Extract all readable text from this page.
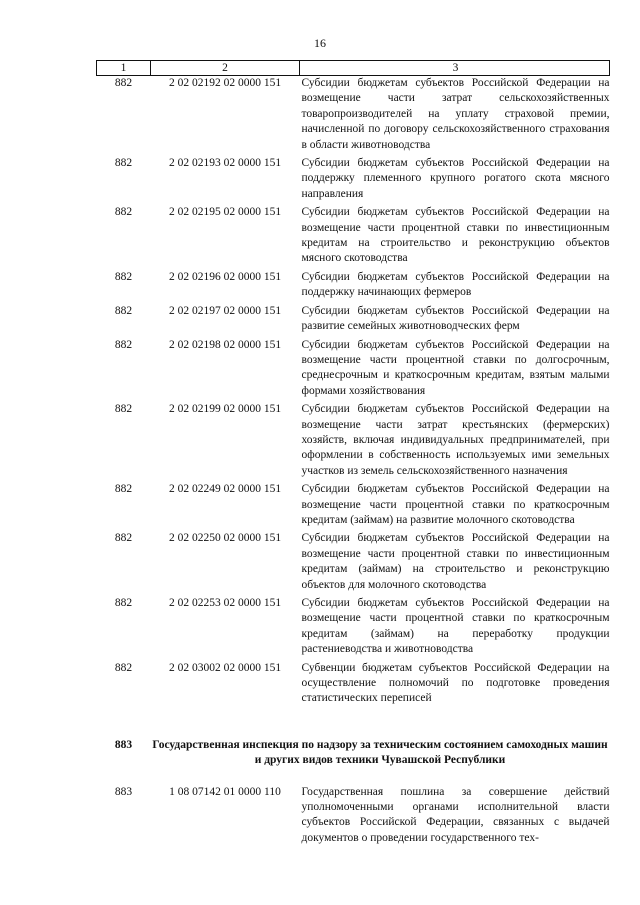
16
1	2	3
882	2 02 02192 02 0000 151	Субсидии бюджетам субъектов Российской Федерации на возмещение части затрат сельскохозяйственных товаропроизводителей на уплату страховой премии, начисленной по договору сельскохозяйственного страхования в области животноводства
882	2 02 02193 02 0000 151	Субсидии бюджетам субъектов Российской Федерации на поддержку племенного крупного рогатого скота мясного направления
882	2 02 02195 02 0000 151	Субсидии бюджетам субъектов Российской Федерации на возмещение части процентной ставки по инвестиционным кредитам на строительство и реконструкцию объектов мясного скотоводства
882	2 02 02196 02 0000 151	Субсидии бюджетам субъектов Российской Федерации на поддержку начинающих фермеров
882	2 02 02197 02 0000 151	Субсидии бюджетам субъектов Российской Федерации на развитие семейных животноводческих ферм
882	2 02 02198 02 0000 151	Субсидии бюджетам субъектов Российской Федерации на возмещение части процентной ставки по долгосрочным, среднесрочным и краткосрочным кредитам, взятым малыми формами хозяйствования
882	2 02 02199 02 0000 151	Субсидии бюджетам субъектов Российской Федерации на возмещение части затрат крестьянских (фермерских) хозяйств, включая индивидуальных предпринимателей, при оформлении в собственность используемых ими земельных участков из земель сельскохозяйственного назначения
882	2 02 02249 02 0000 151	Субсидии бюджетам субъектов Российской Федерации на возмещение части процентной ставки по краткосрочным кредитам (займам) на развитие молочного скотоводства
882	2 02 02250 02 0000 151	Субсидии бюджетам субъектов Российской Федерации на возмещение части процентной ставки по инвестиционным кредитам (займам) на строительство и реконструкцию объектов для молочного скотоводства
882	2 02 02253 02 0000 151	Субсидии бюджетам субъектов Российской Федерации на возмещение части процентной ставки по краткосрочным кредитам (займам) на переработку продукции растениеводства и животноводства
882	2 02 03002 02 0000 151	Субвенции бюджетам субъектов Российской Федерации на осуществление полномочий по подготовке проведения статистических переписей
883	Государственная инспекция по надзору за техническим состоянием самоходных машин и других видов техники Чувашской Республики	
883	1 08 07142 01 0000 110	Государственная пошлина за совершение действий уполномоченными органами исполнительной власти субъектов Российской Федерации, связанных с выдачей документов о проведении государственного тех-
